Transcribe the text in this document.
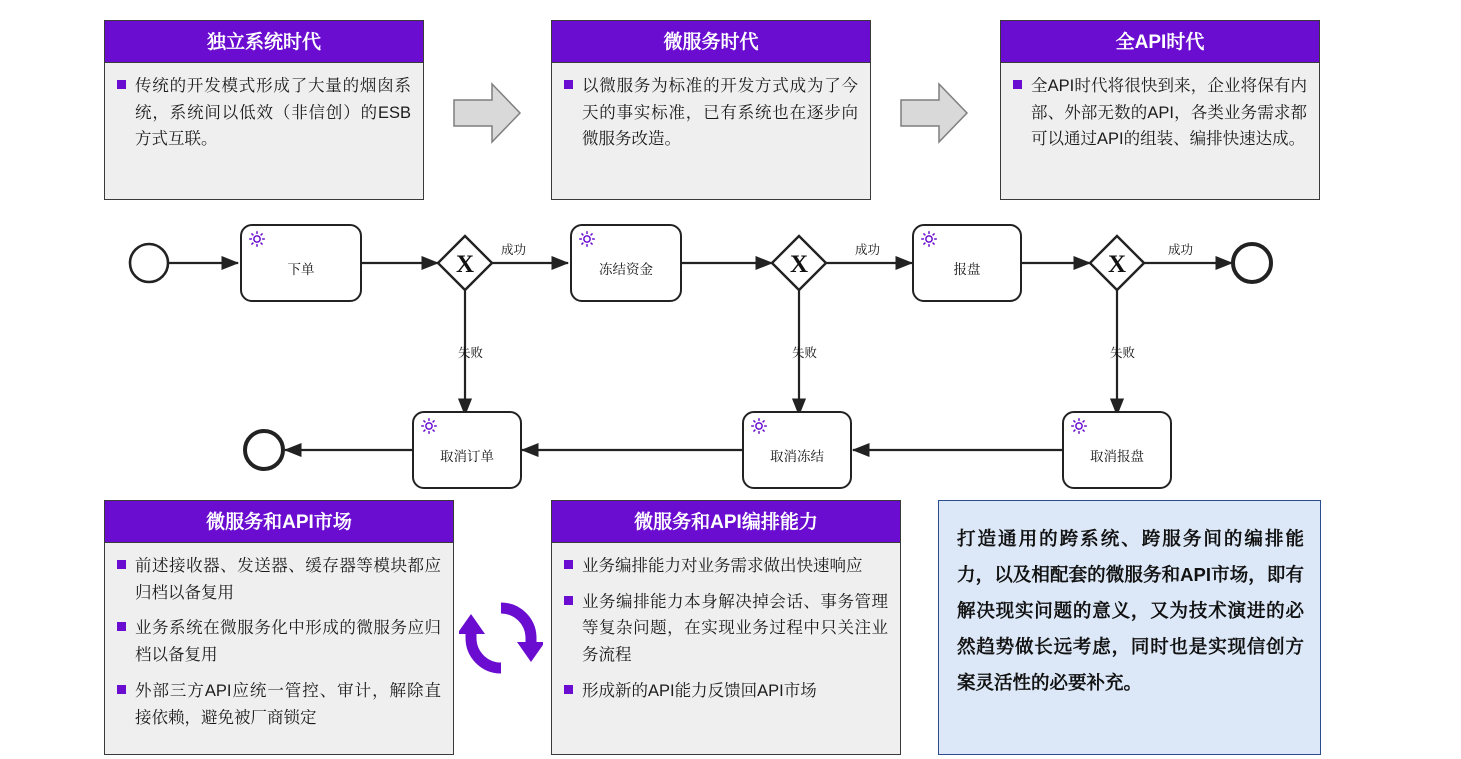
独立系统时代
传统的开发模式形成了大量的烟囱系统，系统间以低效（非信创）的ESB方式互联。
微服务时代
以微服务为标准的开发方式成为了今天的事实标准，已有系统也在逐步向微服务改造。
全API时代
全API时代将很快到来，企业将保有内部、外部无数的API，各类业务需求都可以通过API的组装、编排快速达成。
X	X	X
下单	冻结资金	报盘
取消订单	取消冻结	取消报盘
成功	成功	成功
失败	失败	失败
微服务和API市场
前述接收器、发送器、缓存器等模块都应归档以备复用
业务系统在微服务化中形成的微服务应归档以备复用
外部三方API应统一管控、审计，解除直接依赖，避免被厂商锁定
微服务和API编排能力
业务编排能力对业务需求做出快速响应
业务编排能力本身解决掉会话、事务管理等复杂问题，在实现业务过程中只关注业务流程
形成新的API能力反馈回API市场
打造通用的跨系统、跨服务间的编排能力，以及相配套的微服务和API市场，即有解决现实问题的意义，又为技术演进的必然趋势做长远考虑，同时也是实现信创方案灵活性的必要补充。
